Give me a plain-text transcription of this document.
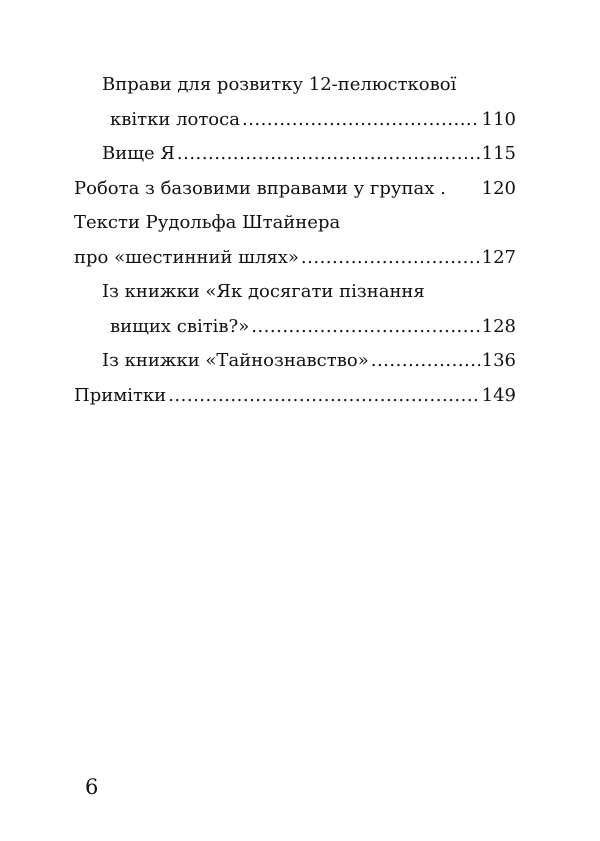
Вправи для розвитку 12-пелюсткової
квітки лотоса .....	110
Вище Я .....	115
Робота з базовими вправами у групах . 120
Тексти Рудольфа Штайнера
про «шестинний шлях» .....	127
Із книжки «Як досягати пізнання
вищих світів?» .....	128
Із книжки «Тайнознавство» .....	136
Примітки .....	149
6
